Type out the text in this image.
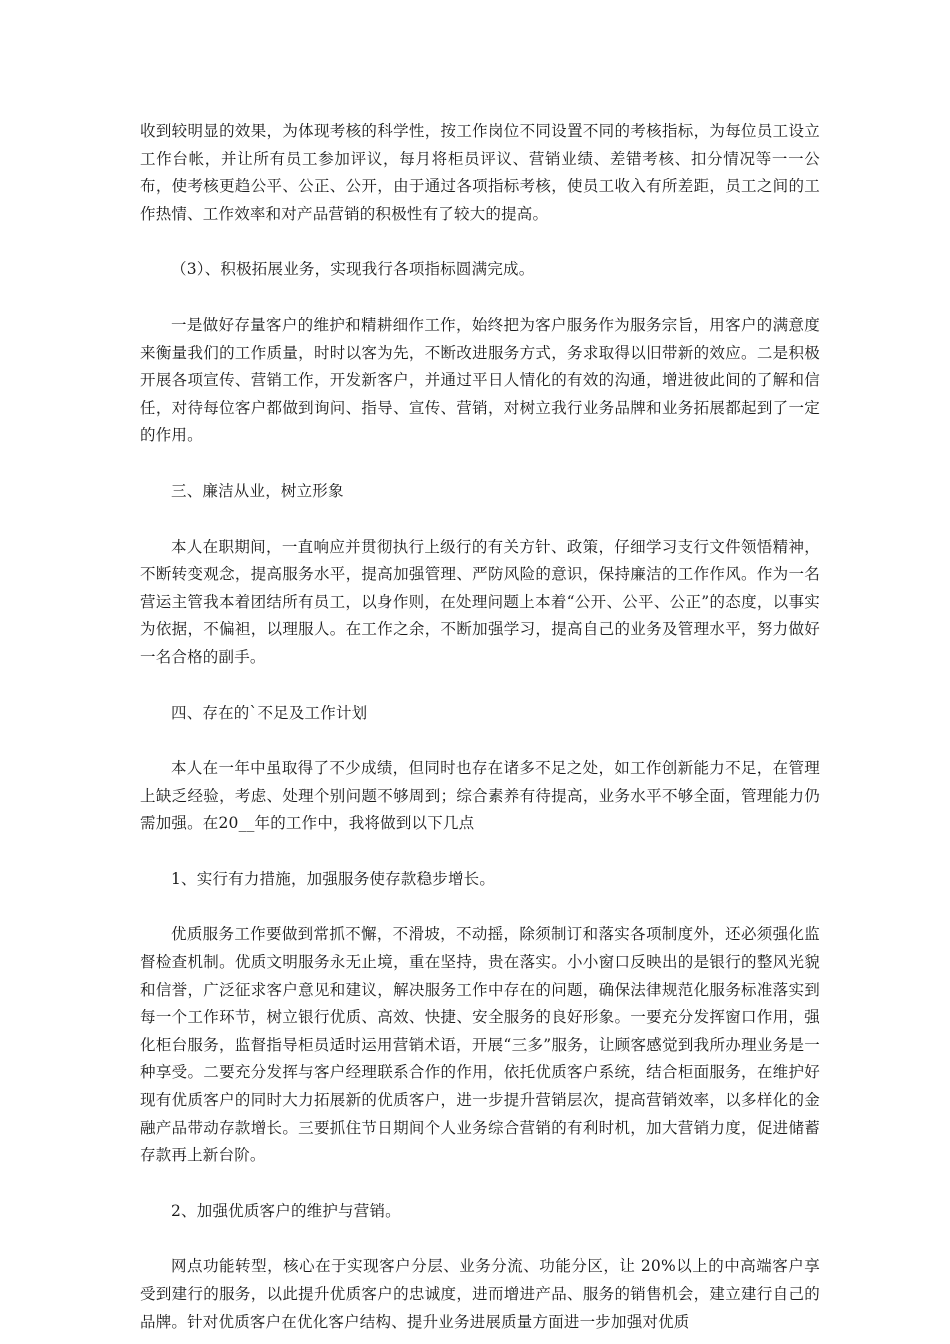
收到较明显的效果，为体现考核的科学性，按工作岗位不同设置不同的考核指标，为每位员工设立工作台帐，并让所有员工参加评议，每月将柜员评议、营销业绩、差错考核、扣分情况等一一公布，使考核更趋公平、公正、公开，由于通过各项指标考核，使员工收入有所差距，员工之间的工作热情、工作效率和对产品营销的积极性有了较大的提高。

（3）、积极拓展业务，实现我行各项指标圆满完成。

一是做好存量客户的维护和精耕细作工作，始终把为客户服务作为服务宗旨，用客户的满意度来衡量我们的工作质量，时时以客为先，不断改进服务方式，务求取得以旧带新的效应。二是积极开展各项宣传、营销工作，开发新客户，并通过平日人情化的有效的沟通，增进彼此间的了解和信任，对待每位客户都做到询问、指导、宣传、营销，对树立我行业务品牌和业务拓展都起到了一定的作用。

三、廉洁从业，树立形象

本人在职期间，一直响应并贯彻执行上级行的有关方针、政策，仔细学习支行文件领悟精神，不断转变观念，提高服务水平，提高加强管理、严防风险的意识，保持廉洁的工作作风。作为一名营运主管我本着团结所有员工，以身作则，在处理问题上本着“公开、公平、公正”的态度，以事实为依据，不偏袒，以理服人。在工作之余，不断加强学习，提高自己的业务及管理水平，努力做好一名合格的副手。

四、存在的`不足及工作计划

本人在一年中虽取得了不少成绩，但同时也存在诸多不足之处，如工作创新能力不足，在管理上缺乏经验，考虑、处理个别问题不够周到；综合素养有待提高，业务水平不够全面，管理能力仍需加强。在20__年的工作中，我将做到以下几点

1、实行有力措施，加强服务使存款稳步增长。

优质服务工作要做到常抓不懈，不滑坡，不动摇，除须制订和落实各项制度外，还必须强化监督检查机制。优质文明服务永无止境，重在坚持，贵在落实。小小窗口反映出的是银行的整风光貌和信誉，广泛征求客户意见和建议，解决服务工作中存在的问题，确保法律规范化服务标准落实到每一个工作环节，树立银行优质、高效、快捷、安全服务的良好形象。一要充分发挥窗口作用，强化柜台服务，监督指导柜员适时运用营销术语，开展“三多”服务，让顾客感觉到我所办理业务是一种享受。二要充分发挥与客户经理联系合作的作用，依托优质客户系统，结合柜面服务，在维护好现有优质客户的同时大力拓展新的优质客户，进一步提升营销层次，提高营销效率，以多样化的金融产品带动存款增长。三要抓住节日期间个人业务综合营销的有利时机，加大营销力度，促进储蓄存款再上新台阶。

2、加强优质客户的维护与营销。

网点功能转型，核心在于实现客户分层、业务分流、功能分区，让 20%以上的中高端客户享受到建行的服务，以此提升优质客户的忠诚度，进而增进产品、服务的销售机会，建立建行自己的品牌。针对优质客户在优化客户结构、提升业务进展质量方面进一步加强对优质
